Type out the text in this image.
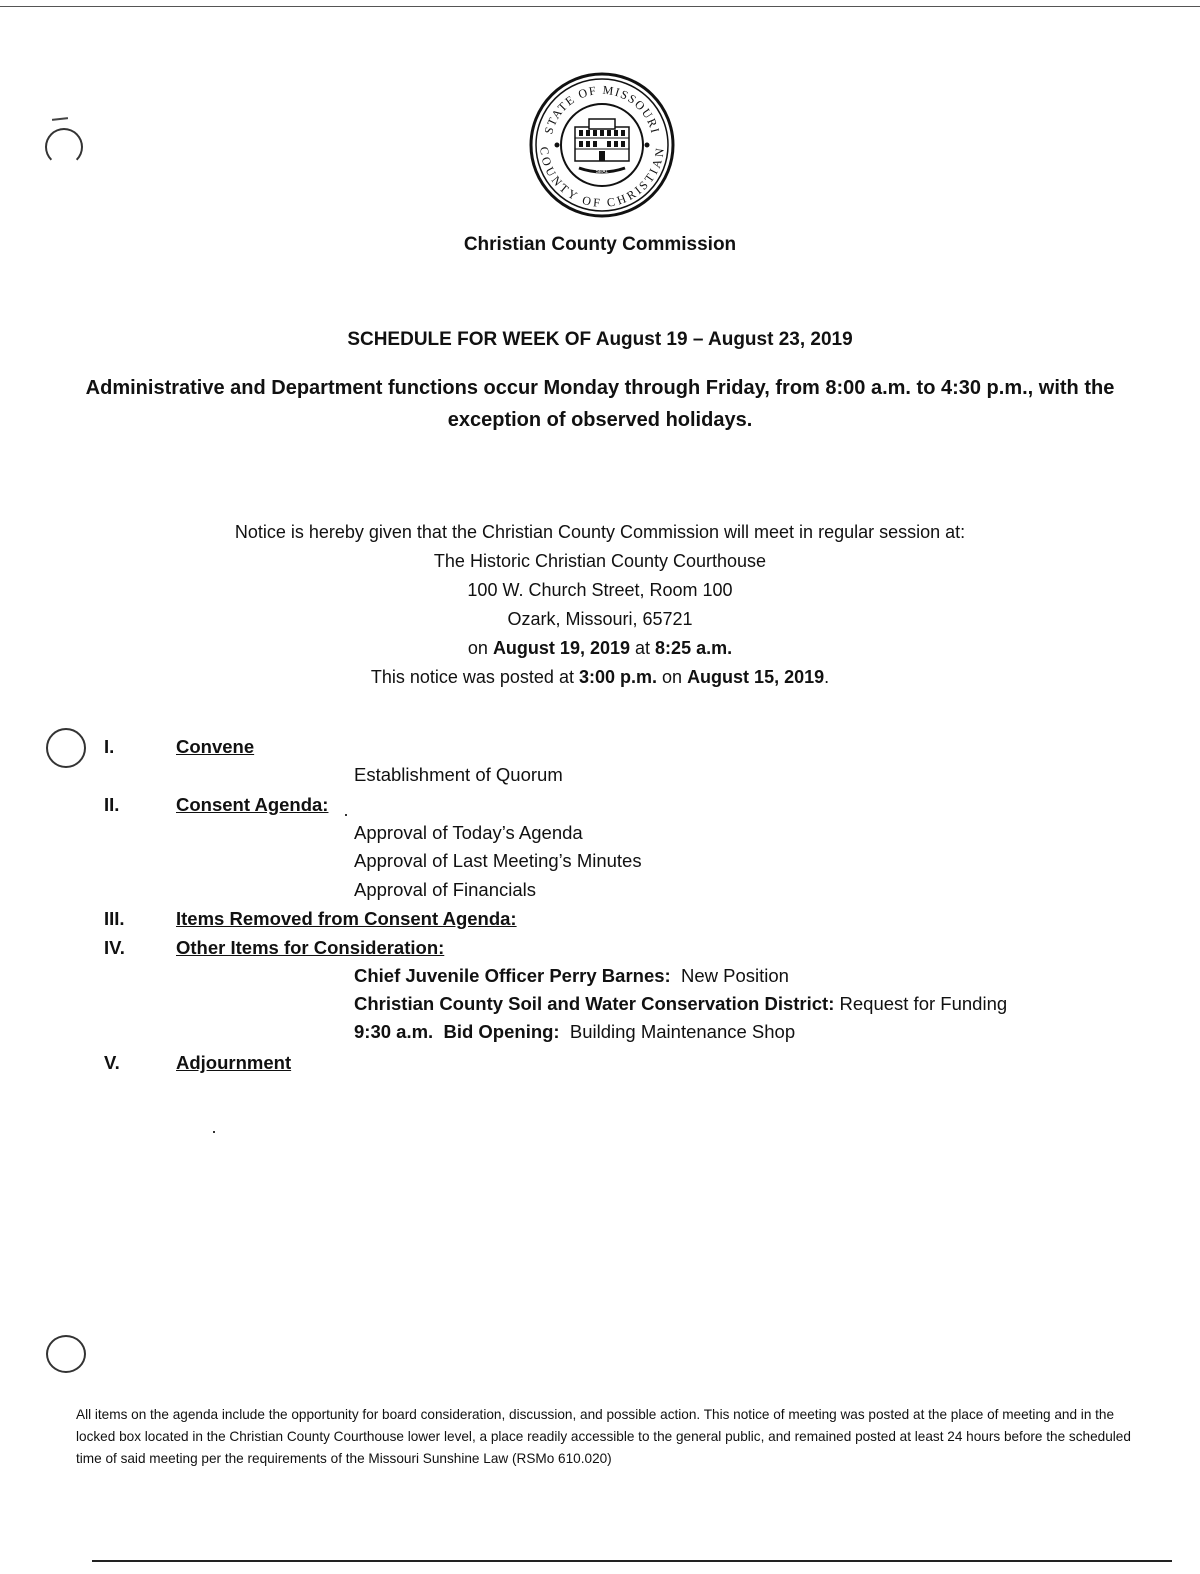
STATE OF MISSOURI
COUNTY OF CHRISTIAN
SEAL
Christian County Commission
SCHEDULE FOR WEEK OF August 19 – August 23, 2019
Administrative and Department functions occur Monday through Friday, from 8:00 a.m. to 4:30 p.m., with the exception of observed holidays.
Notice is hereby given that the Christian County Commission will meet in regular session at:
The Historic Christian County Courthouse
100 W. Church Street, Room 100
Ozark, Missouri, 65721
on August 19, 2019 at 8:25 a.m.
This notice was posted at 3:00 p.m. on August 15, 2019.
I.	Convene
Establishment of Quorum
II.	Consent Agenda:
Approval of Today’s Agenda
Approval of Last Meeting’s Minutes
Approval of Financials
III.	Items Removed from Consent Agenda:
IV.	Other Items for Consideration:
Chief Juvenile Officer Perry Barnes: New Position
Christian County Soil and Water Conservation District: Request for Funding
9:30 a.m. Bid Opening: Building Maintenance Shop
V.	Adjournment
All items on the agenda include the opportunity for board consideration, discussion, and possible action. This notice of meeting was posted at the place of meeting and in the locked box located in the Christian County Courthouse lower level, a place readily accessible to the general public, and remained posted at least 24 hours before the scheduled time of said meeting per the requirements of the Missouri Sunshine Law (RSMo 610.020)
